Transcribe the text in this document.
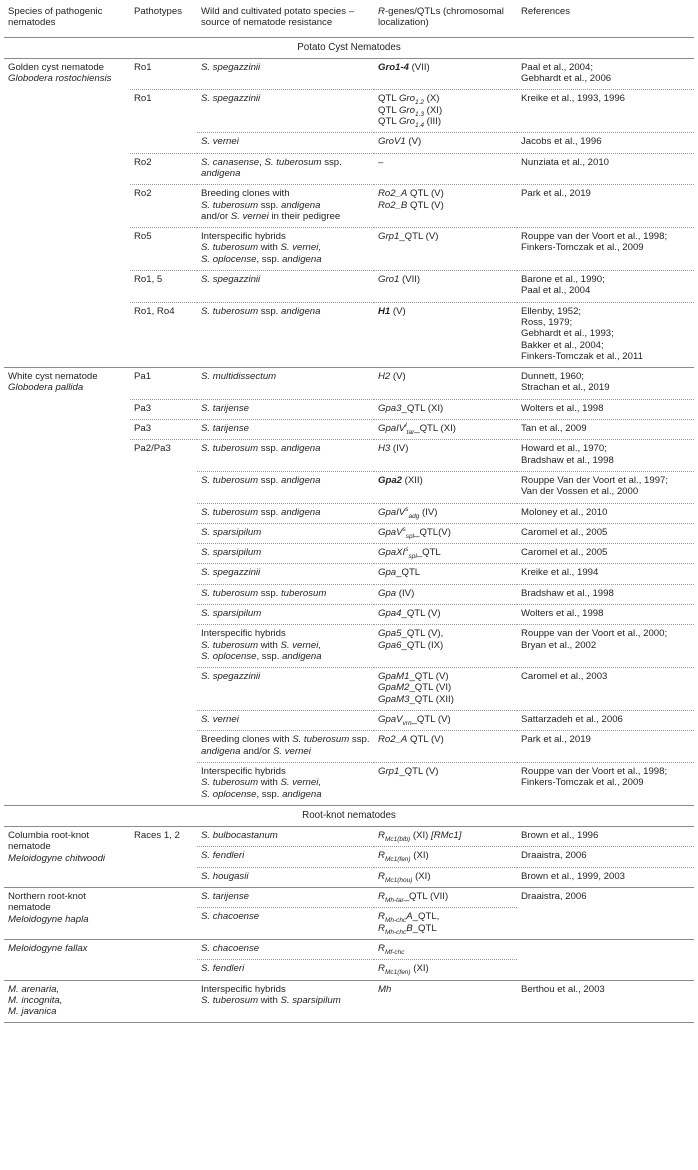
Species of pathogenic nematodes	Pathotypes	Wild and cultivated potato species – source of nematode resistance	R-genes/QTLs (chromosomal localization)	References
Potato Cyst Nematodes				
Golden cyst nematode
Globodera rostochiensis	Ro1	S. spegazzinii	Gro1-4 (VII)	Paal et al., 2004;
Gebhardt et al., 2006
	Ro1	S. spegazzinii	QTL Gro$_{1.2}$ (X)
QTL Gro$_{1.3}$ (XI)
QTL Gro$_{1.4}$ (III)	Kreike et al., 1993, 1996
		S. vernei	GroV1 (V)	Jacobs et al., 1996
	Ro2	S. canasense, S. tuberosum ssp. andigena	–	Nunziata et al., 2010
	Ro2	Breeding clones with
S. tuberosum ssp. andigena
and/or S. vernei in their pedigree	Ro2_A QTL (V)
Ro2_B QTL (V)	Park et al., 2019
	Ro5	Interspecific hybrids
S. tuberosum with S. vernei,
S. oplocense, ssp. andigena	Grp1_QTL (V)	Rouppe van der Voort et al., 1998;
Finkers-Tomczak et al., 2009
	Ro1, 5	S. spegazzinii	Gro1 (VII)	Barone et al., 1990;
Paal et al., 2004
	Ro1, Ro4	S. tuberosum ssp. andigena	H1 (V)	Ellenby, 1952;
Ross, 1979;
Gebhardt et al., 1993;
Bakker et al., 2004;
Finkers-Tomczak et al., 2011

White cyst nematode
Globodera pallida	Pa1	S. multidissectum	H2 (V)	Dunnett, 1960;
Strachan et al., 2019
	Pa3	S. tarijense	Gpa3_QTL (XI)	Wolters et al., 1998
	Pa3	S. tarijense	GpaIV$^l_{tar}$_QTL (XI)	Tan et al., 2009
	Pa2/Pa3	S. tuberosum ssp. andigena	H3 (IV)	Howard et al., 1970;
Bradshaw et al., 1998
		S. tuberosum ssp. andigena	Gpa2 (XII)	Rouppe Van der Voort et al., 1997;
Van der Vossen et al., 2000
		S. tuberosum ssp. andigena	GpaIV$^s_{adg}$ (IV)	Moloney et al., 2010
		S. sparsipilum	GpaV$^s_{spl}$_QTL(V)	Caromel et al., 2005
		S. sparsipilum	GpaXI$^s_{spl}$_QTL	Caromel et al., 2005
		S. spegazzinii	Gpa_QTL	Kreike et al., 1994
		S. tuberosum ssp. tuberosum	Gpa (IV)	Bradshaw et al., 1998
		S. sparsipilum	Gpa4_QTL (V)	Wolters et al., 1998
		Interspecific hybrids
S. tuberosum with S. vernei,
S. oplocense, ssp. andigena	Gpa5_QTL (V),
Gpa6_QTL (IX)	Rouppe van der Voort et al., 2000;
Bryan et al., 2002
		S. spegazzinii	GpaM1_QTL (V)
GpaM2_QTL (VI)
GpaM3_QTL (XII)	Caromel et al., 2003
		S. vernei	GpaV$_{vrn}$_QTL (V)	Sattarzadeh et al., 2006
		Breeding clones with S. tuberosum ssp.
andigena and/or S. vernei	Ro2_A QTL (V)	Park et al., 2019
		Interspecific hybrids
S. tuberosum with S. vernei,
S. oplocense, ssp. andigena	Grp1_QTL (V)	Rouppe van der Voort et al., 1998;
Finkers-Tomczak et al., 2009
Root-knot nematodes				
Columbia root-knot nematode
Meloidogyne chitwoodi	Races 1, 2	S. bulbocastanum	$R_{Mc1(blb)}$ (XI) [RMc1]	Brown et al., 1996
		S. fendleri	$R_{Mc1(fen)}$ (XI)	Draaistra, 2006
		S. hougasii	$R_{Mc1(hou)}$ (XI)	Brown et al., 1999, 2003
Northern root-knot nematode
Meloidogyne hapla		S. tarijense	$R_{Mh-tar}\_QTL$ (VII)	Draaistra, 2006
		S. chacoense	$R_{Mh-chc}A\_QTL$,
$R_{Mh-chc}B\_QTL$	
Meloidogyne fallax		S. chacoense	$R_{Mf-chc}$	
		S. fendleri	$R_{Mc1(fen)}$ (XI)	
M. arenaria,
M. incognita,
M. javanica		Interspecific hybrids
S. tuberosum with S. sparsipilum	Mh	Berthou et al., 2003
